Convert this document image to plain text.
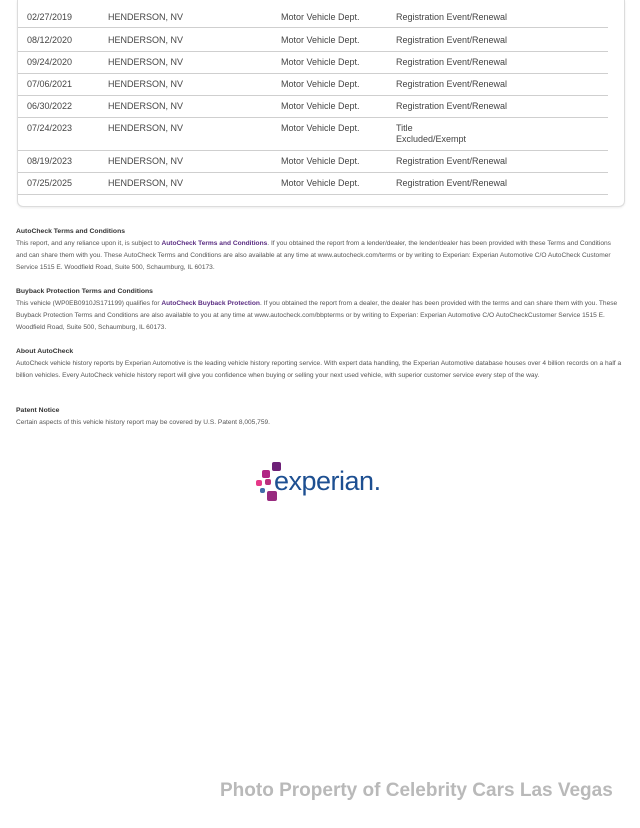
02/27/2019	HENDERSON, NV	Motor Vehicle Dept.	Registration Event/Renewal
08/12/2020	HENDERSON, NV	Motor Vehicle Dept.	Registration Event/Renewal
09/24/2020	HENDERSON, NV	Motor Vehicle Dept.	Registration Event/Renewal
07/06/2021	HENDERSON, NV	Motor Vehicle Dept.	Registration Event/Renewal
06/30/2022	HENDERSON, NV	Motor Vehicle Dept.	Registration Event/Renewal
07/24/2023	HENDERSON, NV	Motor Vehicle Dept.	Title
Excluded/Exempt
08/19/2023	HENDERSON, NV	Motor Vehicle Dept.	Registration Event/Renewal
07/25/2025	HENDERSON, NV	Motor Vehicle Dept.	Registration Event/Renewal
AutoCheck Terms and Conditions

This report, and any reliance upon it, is subject to AutoCheck Terms and Conditions. If you obtained the report from a lender/dealer, the lender/dealer has been provided with these Terms and Conditions and can share them with you. These AutoCheck Terms and Conditions are also available at any time at www.autocheck.com/terms or by writing to Experian: Experian Automotive C/O AutoCheck Customer Service 1515 E. Woodfield Road, Suite 500, Schaumburg, IL 60173.

Buyback Protection Terms and Conditions

This vehicle (WP0EB0910JS171199) qualifies for AutoCheck Buyback Protection. If you obtained the report from a dealer, the dealer has been provided with the terms and can share them with you. These Buyback Protection Terms and Conditions are also available to you at any time at www.autocheck.com/bbpterms or by writing to Experian: Experian Automotive C/O AutoCheckCustomer Service 1515 E. Woodfield Road, Suite 500, Schaumburg, IL 60173.

About AutoCheck

AutoCheck vehicle history reports by Experian Automotive is the leading vehicle history reporting service. With expert data handling, the Experian Automotive database houses over 4 billion records on a half a billion vehicles. Every AutoCheck vehicle history report will give you confidence when buying or selling your next used vehicle, with superior customer service every step of the way.

Patent Notice

Certain aspects of this vehicle history report may be covered by U.S. Patent 8,005,759.

experian.
Photo Property of Celebrity Cars Las Vegas
